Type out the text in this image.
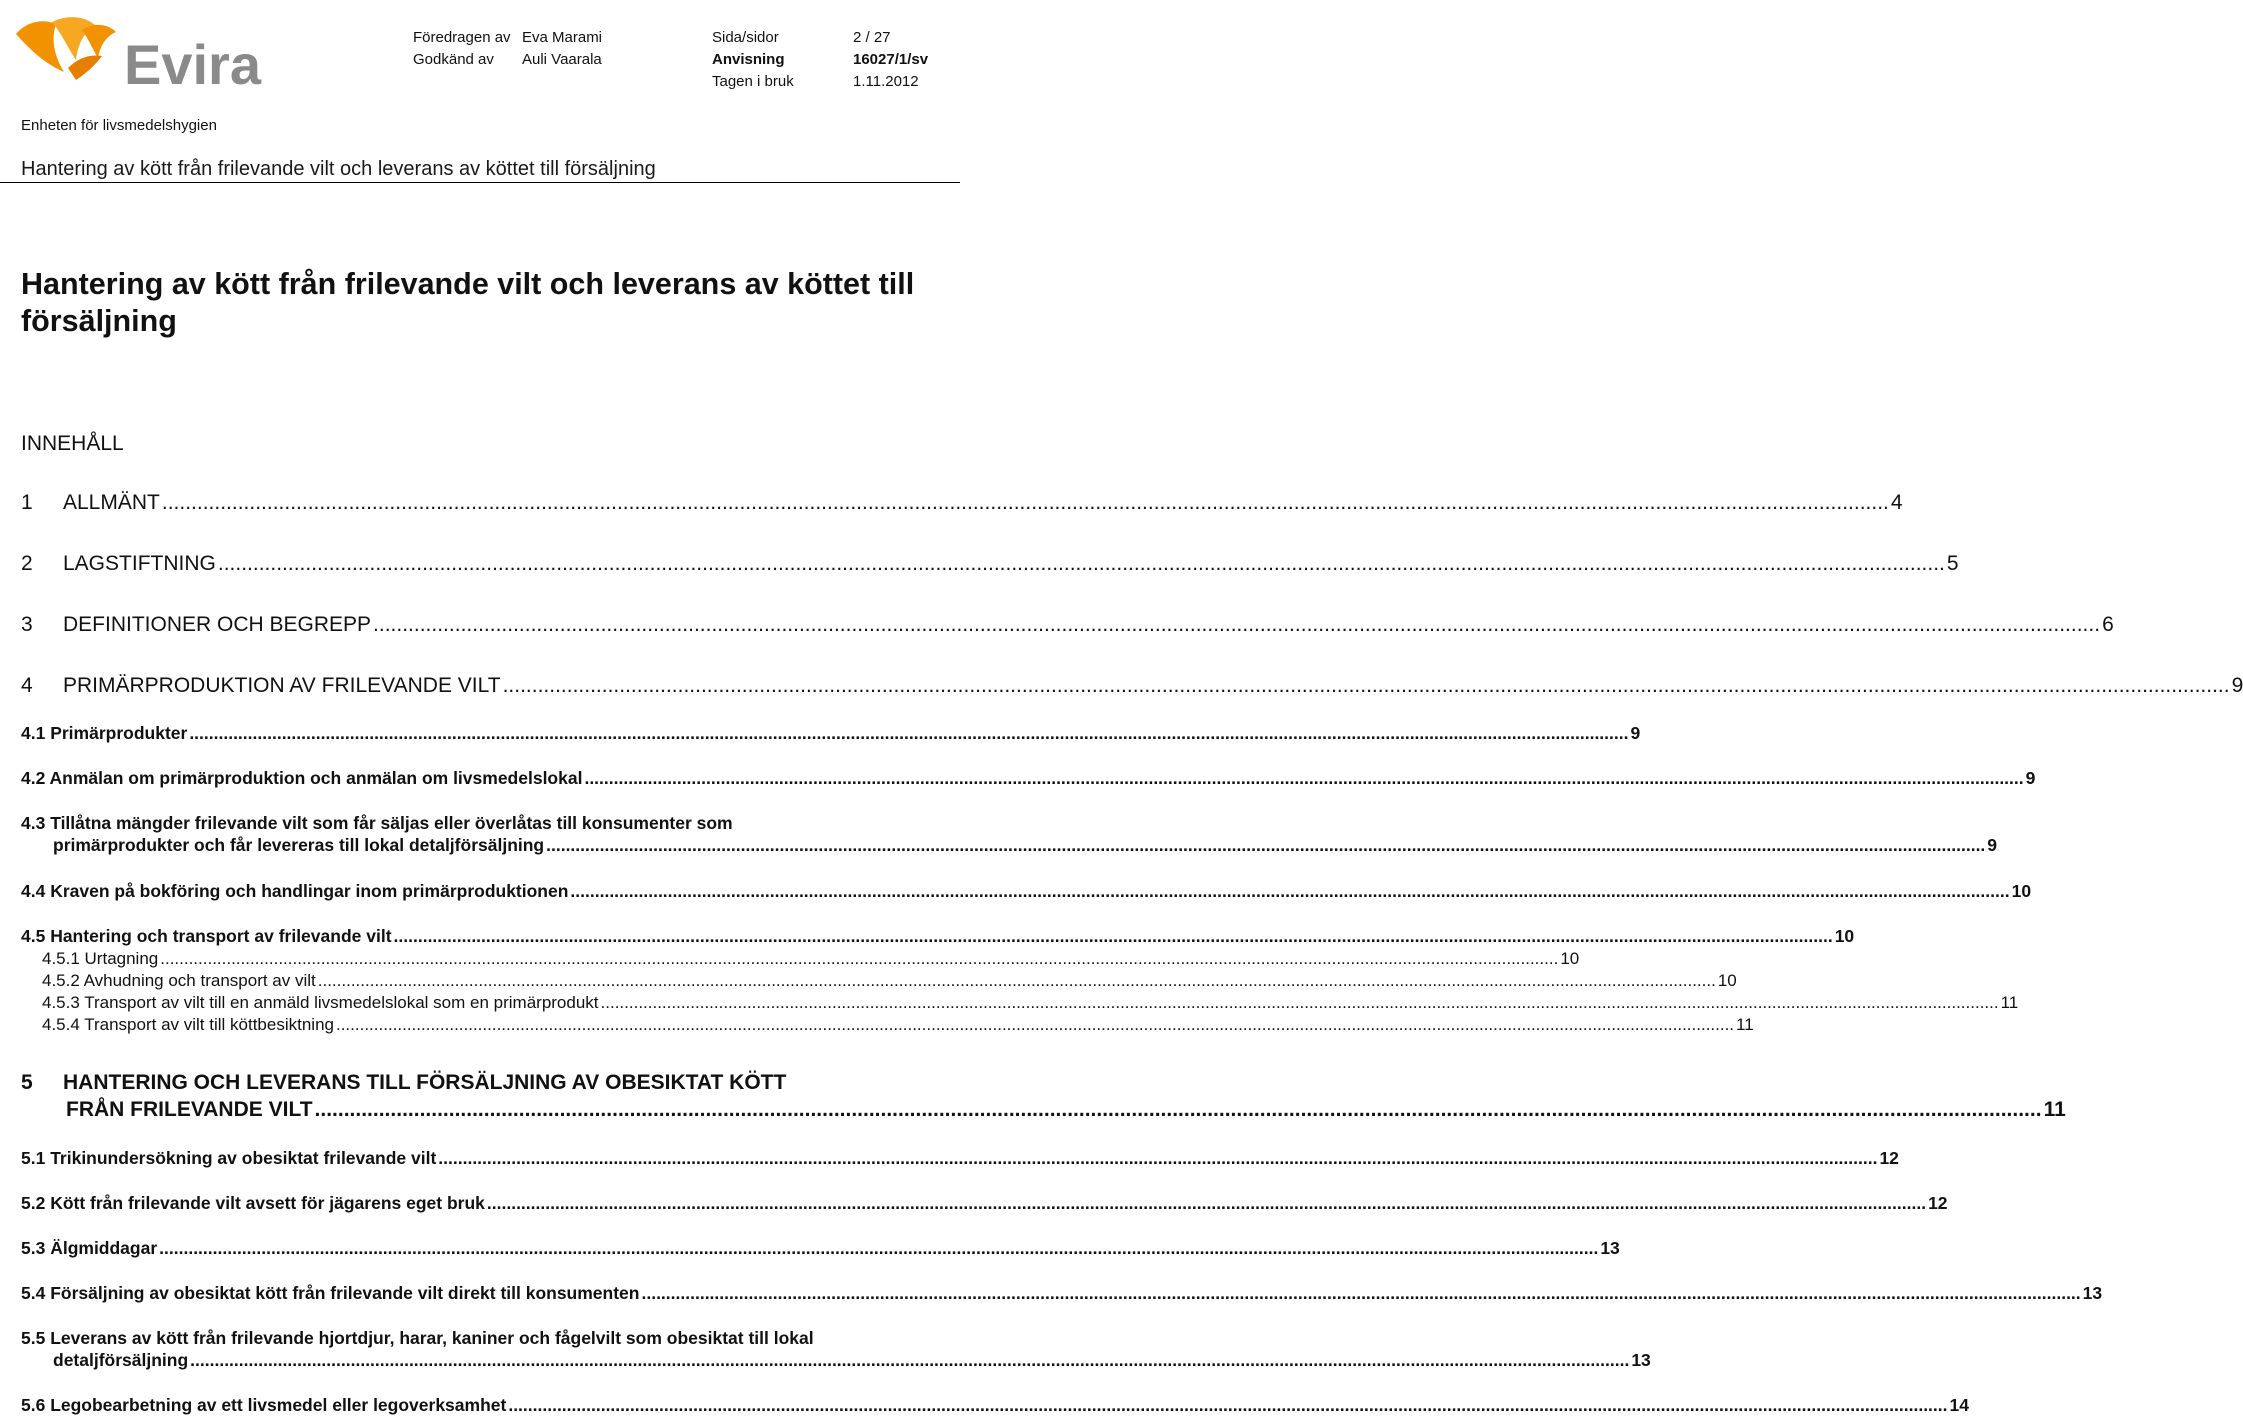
Evira	Föredragen av Eva Marami	Sida/sidor	2 / 27
Godkänd av Auli Vaarala	Anvisning	16027/1/sv
Tagen i bruk	1.11.2012
Enheten för livsmedelshygien
Hantering av kött från frilevande vilt och leverans av köttet till försäljning
Hantering av kött från frilevande vilt och leverans av köttet till
försäljning
INNEHÅLL
1 ALLMÄNT .....	4
2 LAGSTIFTNING .....	5
3 DEFINITIONER OCH BEGREPP .....	6
4 PRIMÄRPRODUKTION AV FRILEVANDE VILT .....	9
4.1 Primärprodukter .....	9
4.2 Anmälan om primärproduktion och anmälan om livsmedelslokal .....	9
4.3 Tillåtna mängder frilevande vilt som får säljas eller överlåtas till konsumenter som
primärprodukter och får levereras till lokal detaljförsäljning .....	9
4.4 Kraven på bokföring och handlingar inom primärproduktionen .....	10
4.5 Hantering och transport av frilevande vilt .....	10
4.5.1 Urtagning .....	10
4.5.2 Avhudning och transport av vilt .....	10
4.5.3 Transport av vilt till en anmäld livsmedelslokal som en primärprodukt .....	11
4.5.4 Transport av vilt till köttbesiktning .....	11
5 HANTERING OCH LEVERANS TILL FÖRSÄLJNING AV OBESIKTAT KÖTT
FRÅN FRILEVANDE VILT .....	11
5.1 Trikinundersökning av obesiktat frilevande vilt .....	12
5.2 Kött från frilevande vilt avsett för jägarens eget bruk .....	12
5.3 Älgmiddagar .....	13
5.4 Försäljning av obesiktat kött från frilevande vilt direkt till konsumenten .....	13
5.5 Leverans av kött från frilevande hjortdjur, harar, kaniner och fågelvilt som obesiktat till lokal
detaljförsäljning .....	13
5.6 Legobearbetning av ett livsmedel eller legoverksamhet .....	14
